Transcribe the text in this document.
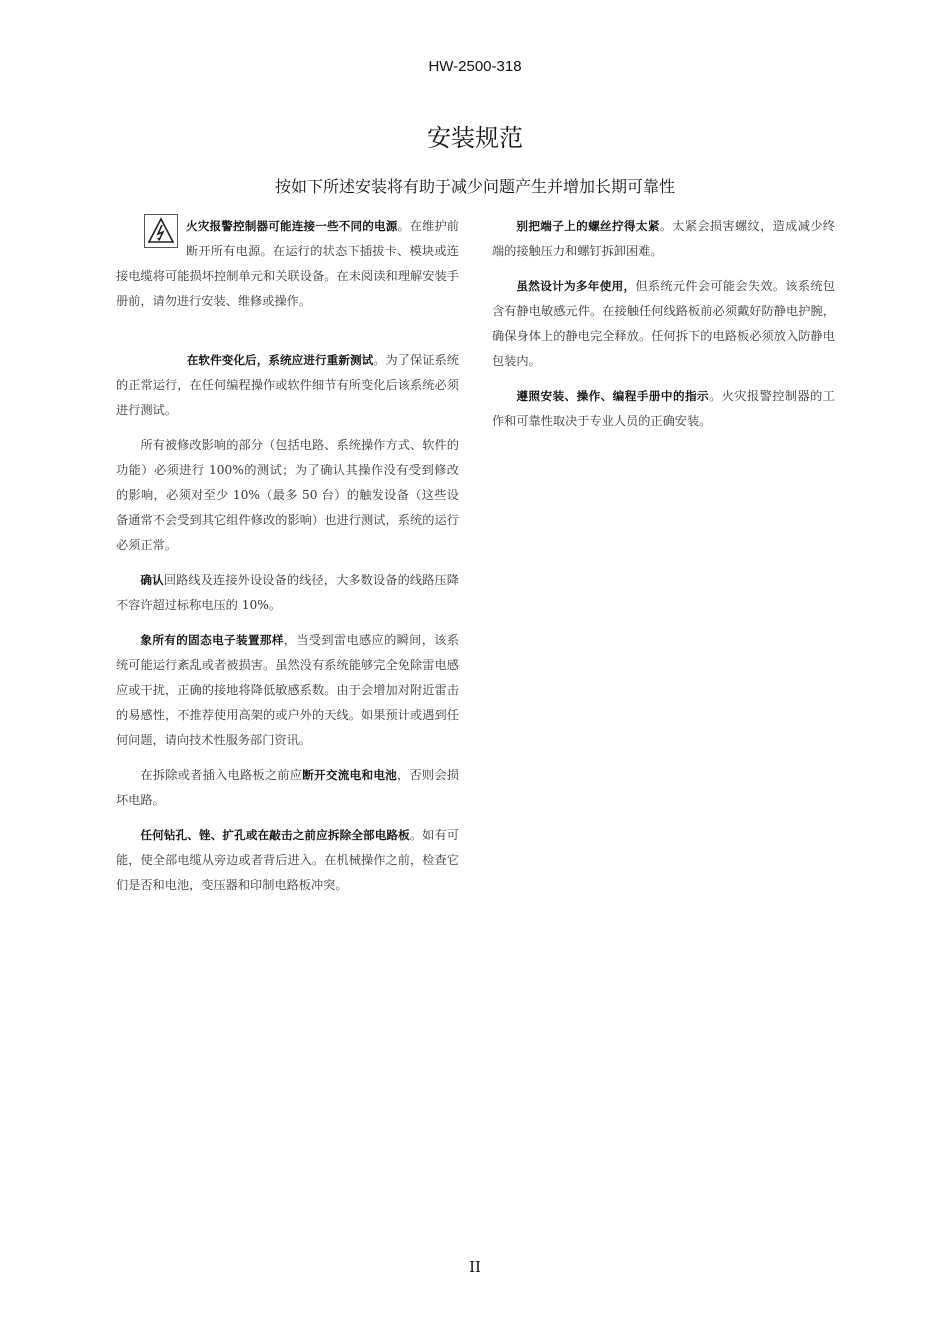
HW-2500-318
安装规范
按如下所述安装将有助于减少问题产生并增加长期可靠性

火灾报警控制器可能连接一些不同的电源。在维护前断开所有电源。在运行的状态下插拔卡、模块或连接电缆将可能损坏控制单元和关联设备。在未阅读和理解安装手册前，请勿进行安装、维修或操作。

在软件变化后，系统应进行重新测试。为了保证系统的正常运行，在任何编程操作或软件细节有所变化后该系统必须进行测试。

所有被修改影响的部分（包括电路、系统操作方式、软件的功能）必须进行 100%的测试；为了确认其操作没有受到修改的影响，必须对至少 10%（最多 50 台）的触发设备（这些设备通常不会受到其它组件修改的影响）也进行测试，系统的运行必须正常。

确认回路线及连接外设设备的线径，大多数设备的线路压降不容许超过标称电压的 10%。

象所有的固态电子装置那样，当受到雷电感应的瞬间，该系统可能运行紊乱或者被损害。虽然没有系统能够完全免除雷电感应或干扰，正确的接地将降低敏感系数。由于会增加对附近雷击的易感性，不推荐使用高架的或户外的天线。如果预计或遇到任何问题，请向技术性服务部门资讯。

在拆除或者插入电路板之前应断开交流电和电池，否则会损坏电路。

任何钻孔、锉、扩孔或在敲击之前应拆除全部电路板。如有可能，使全部电缆从旁边或者背后进入。在机械操作之前，检查它们是否和电池，变压器和印制电路板冲突。

别把端子上的螺丝拧得太紧。太紧会损害螺纹，造成减少终端的接触压力和螺钉拆卸困难。

虽然设计为多年使用，但系统元件会可能会失效。该系统包含有静电敏感元件。在接触任何线路板前必须戴好防静电护腕，确保身体上的静电完全释放。任何拆下的电路板必须放入防静电包装内。

遵照安装、操作、编程手册中的指示。火灾报警控制器的工作和可靠性取决于专业人员的正确安装。

II
